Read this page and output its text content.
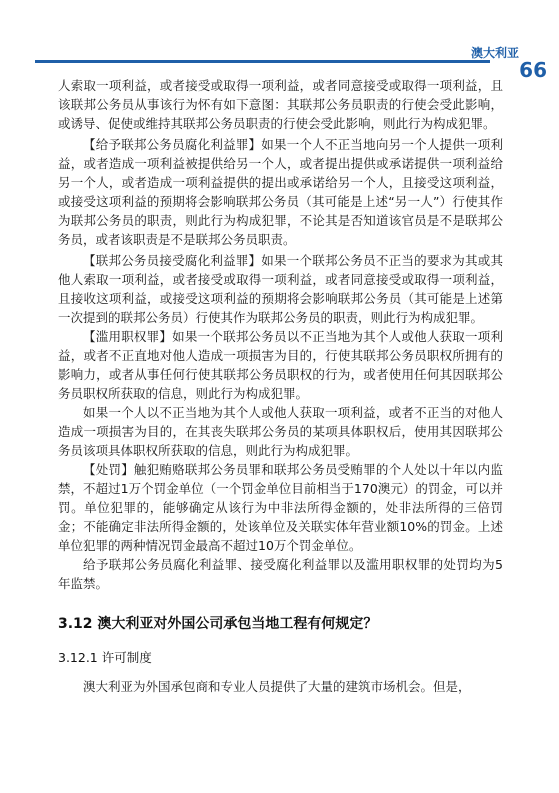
澳大利亚
66

人索取一项利益，或者接受或取得一项利益，或者同意接受或取得一项利益，且该联邦公务员从事该行为怀有如下意图：其联邦公务员职责的行使会受此影响，或诱导、促使或维持其联邦公务员职责的行使会受此影响，则此行为构成犯罪。

【给予联邦公务员腐化利益罪】如果一个人不正当地向另一个人提供一项利益，或者造成一项利益被提供给另一个人，或者提出提供或承诺提供一项利益给另一个人，或者造成一项利益提供的提出或承诺给另一个人，且接受这项利益，或接受这项利益的预期将会影响联邦公务员（其可能是上述“另一人”）行使其作为联邦公务员的职责，则此行为构成犯罪，不论其是否知道该官员是不是联邦公务员，或者该职责是不是联邦公务员职责。

【联邦公务员接受腐化利益罪】如果一个联邦公务员不正当的要求为其或其他人索取一项利益，或者接受或取得一项利益，或者同意接受或取得一项利益，且接收这项利益，或接受这项利益的预期将会影响联邦公务员（其可能是上述第一次提到的联邦公务员）行使其作为联邦公务员的职责，则此行为构成犯罪。

【滥用职权罪】如果一个联邦公务员以不正当地为其个人或他人获取一项利益，或者不正直地对他人造成一项损害为目的，行使其联邦公务员职权所拥有的影响力，或者从事任何行使其联邦公务员职权的行为，或者使用任何其因联邦公务员职权所获取的信息，则此行为构成犯罪。

如果一个人以不正当地为其个人或他人获取一项利益，或者不正当的对他人造成一项损害为目的，在其丧失联邦公务员的某项具体职权后，使用其因联邦公务员该项具体职权所获取的信息，则此行为构成犯罪。

【处罚】触犯贿赂联邦公务员罪和联邦公务员受贿罪的个人处以十年以内监禁，不超过1万个罚金单位（一个罚金单位目前相当于170澳元）的罚金，可以并罚。单位犯罪的，能够确定从该行为中非法所得金额的，处非法所得的三倍罚金；不能确定非法所得金额的，处该单位及关联实体年营业额10%的罚金。上述单位犯罪的两种情况罚金最高不超过10万个罚金单位。

给予联邦公务员腐化利益罪、接受腐化利益罪以及滥用职权罪的处罚均为5年监禁。

3.12 澳大利亚对外国公司承包当地工程有何规定？

3.12.1 许可制度

澳大利亚为外国承包商和专业人员提供了大量的建筑市场机会。但是，
